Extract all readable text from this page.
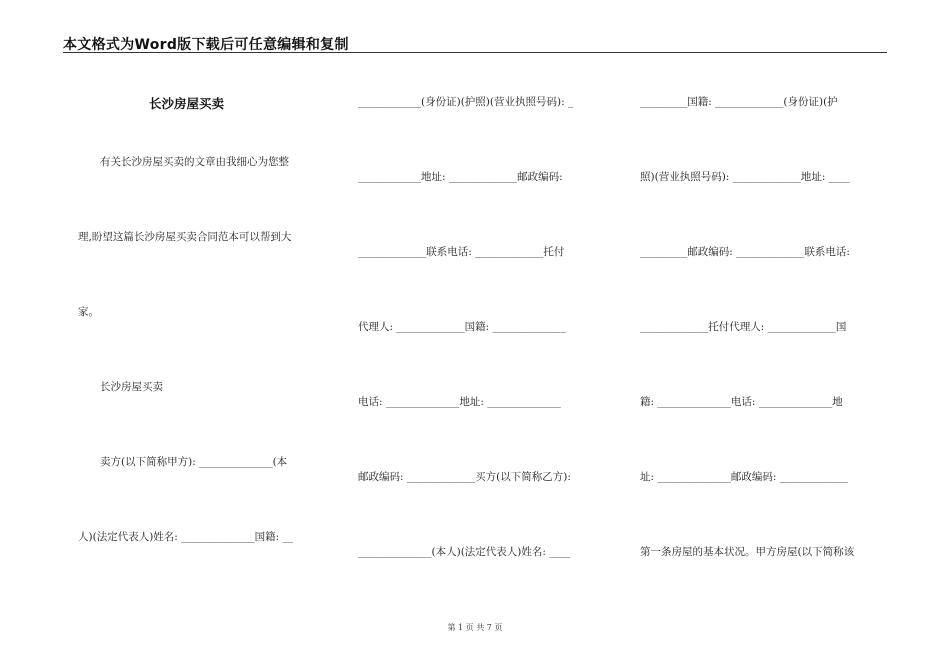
本文格式为Word版下载后可任意编辑和复制
长沙房屋买卖
有关长沙房屋买卖的文章由我细心为您整
理,盼望这篇长沙房屋买卖合同范本可以帮到大
家。
长沙房屋买卖
卖方(以下简称甲方): ______________(本
人)(法定代表人)姓名: ______________国籍: __
____________(身份证)(护照)(营业执照号码): _
____________地址: _____________邮政编码:
_____________联系电话: _____________托付
代理人: _____________国籍: ______________
电话: ______________地址: ______________
邮政编码: _____________买方(以下简称乙方):
______________(本人)(法定代表人)姓名: ____
_________国籍: _____________(身份证)(护
照)(营业执照号码): _____________地址: ____
_________邮政编码: _____________联系电话:
_____________托付代理人: _____________国
籍: ______________电话: ______________地
址: ______________邮政编码: _____________
第一条房屋的基本状况。甲方房屋(以下简称该
第 1 页 共 7 页
